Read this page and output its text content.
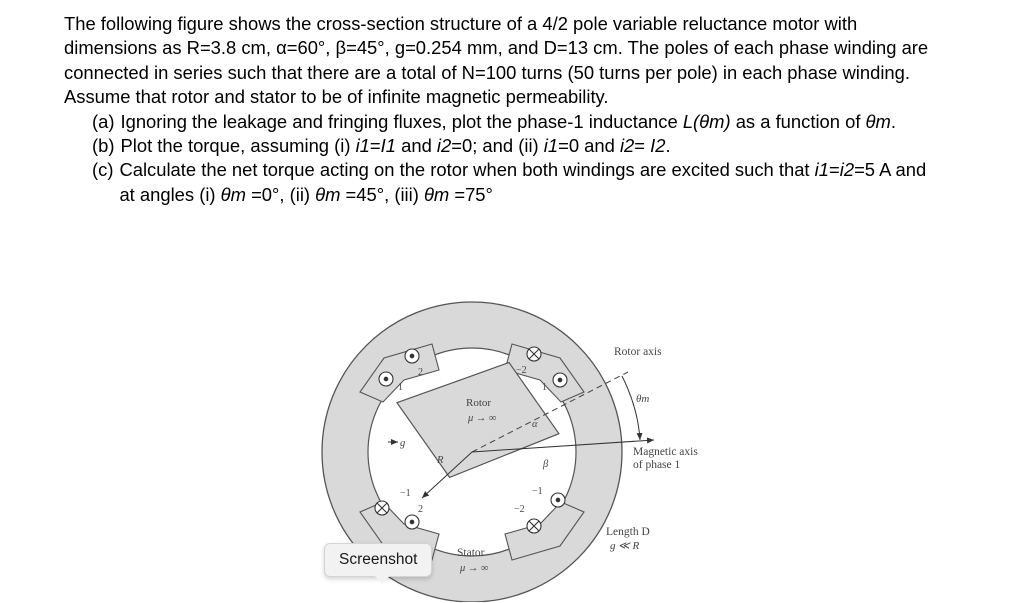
The following figure shows the cross-section structure of a 4/2 pole variable reluctance motor with dimensions as R=3.8 cm, α=60°, β=45°, g=0.254 mm, and D=13 cm. The poles of each phase winding are connected in series such that there are a total of N=100 turns (50 turns per pole) in each phase winding. Assume that rotor and stator to be of infinite magnetic permeability.

(a) Ignoring the leakage and fringing fluxes, plot the phase-1 inductance L(θm) as a function of θm.
(b) Plot the torque, assuming (i) i1=I1 and i2=0; and (ii) i1=0 and i2= I2.
(c) Calculate the net torque acting on the rotor when both windings are excited such that i1=i2=5 A and at angles (i) θm =0°, (ii) θm =45°, (iii) θm =75°
Rotor axis
θm
Rotor
μ → ∞
α
β
g
R
Magnetic axis
of phase 1
Length D
g ≪ R
Stator
μ → ∞
1
2	−2
1
−1
2
−1
−2
Screenshot
